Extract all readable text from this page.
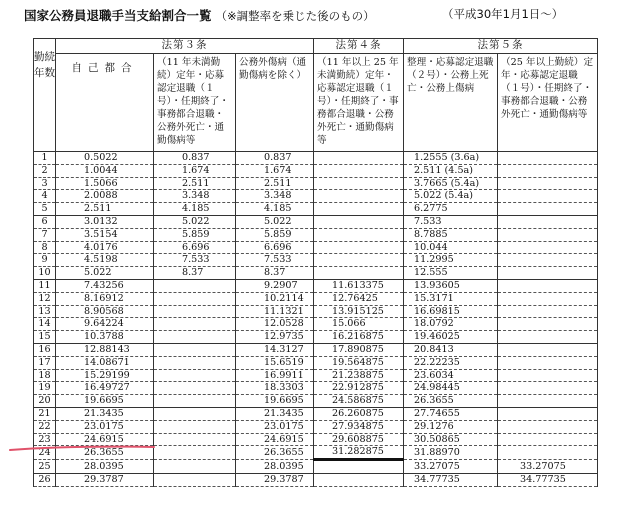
国家公務員退職手当支給割合一覧 （※調整率を乗じた後のもの）	（平成30年1月1日～）
勤続年数	法第３条			法第４条	法第５条	
	自己都合	（11 年未満勤続）定年・応募認定退職（１号）・任期終了・事務都合退職・公務外死亡・通勤傷病等	公務外傷病（通勤傷病を除く）	（11 年以上 25 年未満勤続）定年・応募認定退職（１号）・任期終了・事務都合退職・公務外死亡・通勤傷病等	整理・応募認定退職（２号）・公務上死亡・公務上傷病	（25 年以上勤続）定年・応募認定退職（１号）・任期終了・事務都合退職・公務外死亡・通勤傷病等
1	0.5022	0.837	0.837		1.2555 (3.6a)	
2	1.0044	1.674	1.674		2.511 (4.5a)	
3	1.5066	2.511	2.511		3.7665 (5.4a)	
4	2.0088	3.348	3.348		5.022 (5.4a)	
5	2.511	4.185	4.185		6.2775	
6	3.0132	5.022	5.022		7.533	
7	3.5154	5.859	5.859		8.7885	
8	4.0176	6.696	6.696		10.044	
9	4.5198	7.533	7.533		11.2995	
10	5.022	8.37	8.37		12.555	
11	7.43256		9.2907	11.613375	13.93605	
12	8.16912		10.2114	12.76425	15.3171	
13	8.90568		11.1321	13.915125	16.69815	
14	9.64224		12.0528	15.066	18.0792	
15	10.3788		12.9735	16.216875	19.46025	
16	12.88143		14.3127	17.890875	20.8413	
17	14.08671		15.6519	19.564875	22.22235	
18	15.29199		16.9911	21.238875	23.6034	
19	16.49727		18.3303	22.912875	24.98445	
20	19.6695		19.6695	24.586875	26.3655	
21	21.3435		21.3435	26.260875	27.74655	
22	23.0175		23.0175	27.934875	29.1276	
23	24.6915		24.6915	29.608875	30.50865	
24	26.3655		26.3655	31.282875	31.88970	
25	28.0395		28.0395		33.27075	33.27075
26	29.3787		29.3787		34.77735	34.77735
